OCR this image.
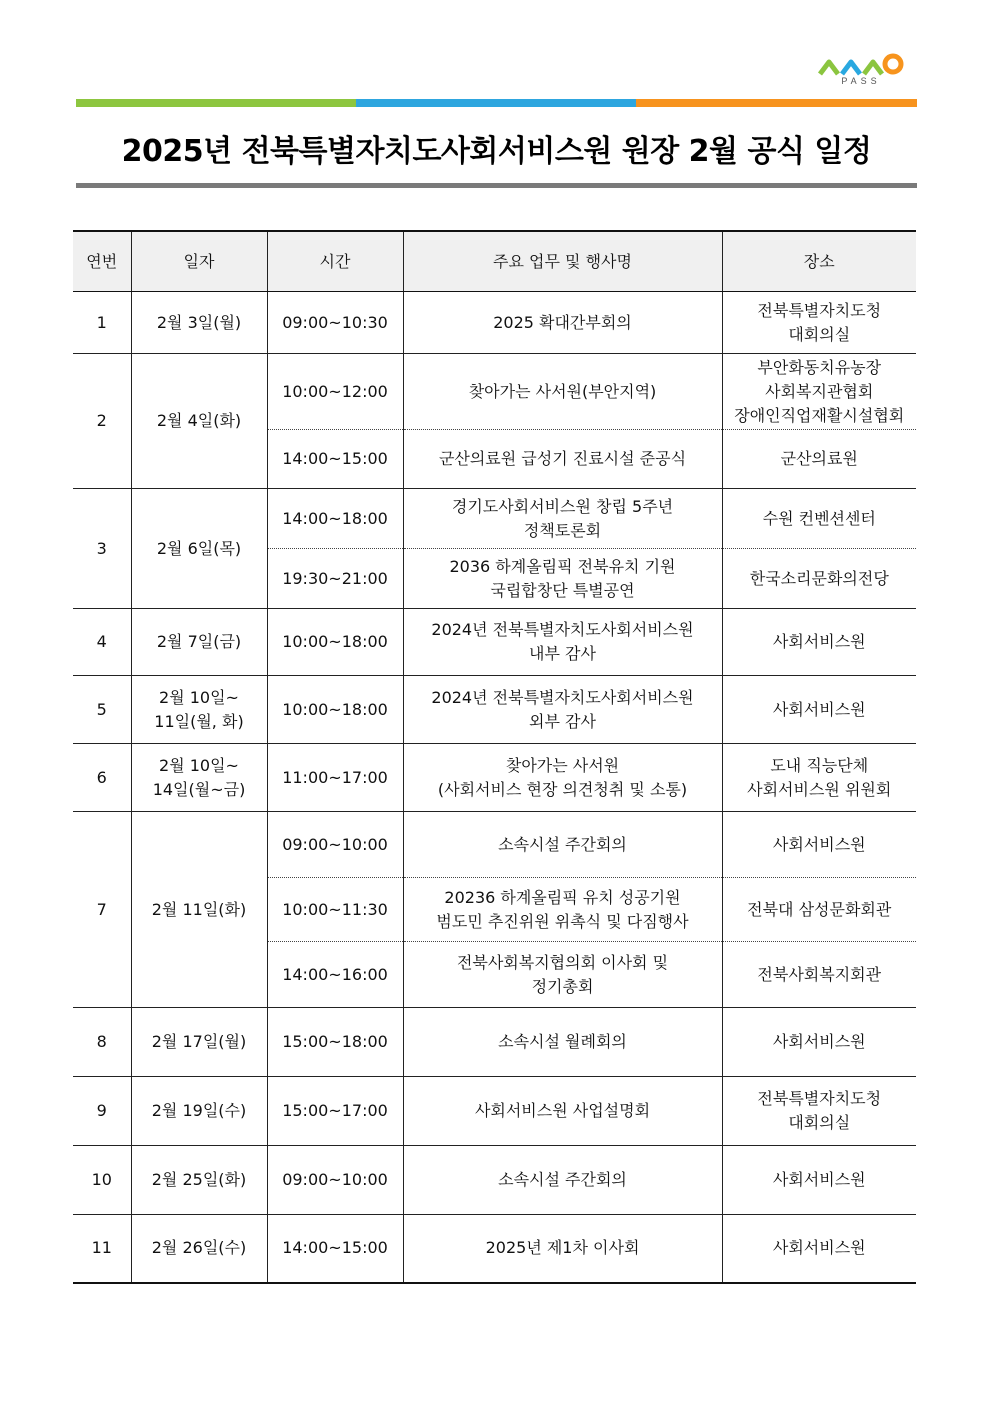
PASS
2025년 전북특별자치도사회서비스원 원장 2월 공식 일정
연번	일자	시간	주요 업무 및 행사명	장소
1	2월 3일(월)	09:00~10:30	2025 확대간부회의	전북특별자치도청
대회의실

2	2월 4일(화)	10:00~12:00	찾아가는 사서원(부안지역)	부안화동치유농장
사회복지관협회
장애인직업재활시설협회

		14:00~15:00	군산의료원 급성기 진료시설 준공식	군산의료원

3	2월 6일(목)	14:00~18:00	경기도사회서비스원 창립 5주년
정책토론회	수원 컨벤션센터

		19:30~21:00	2036 하계올림픽 전북유치 기원
국립합창단 특별공연	한국소리문화의전당

4	2월 7일(금)	10:00~18:00	2024년 전북특별자치도사회서비스원
내부 감사	사회서비스원

5	2월 10일~
11일(월, 화)	10:00~18:00	2024년 전북특별자치도사회서비스원
외부 감사	사회서비스원

6	2월 10일~
14일(월~금)	11:00~17:00	찾아가는 사서원
(사회서비스 현장 의견청취 및 소통)	도내 직능단체
사회서비스원 위원회

7	2월 11일(화)	09:00~10:00	소속시설 주간회의	사회서비스원

		10:00~11:30	20236 하계올림픽 유치 성공기원
범도민 추진위원 위촉식 및 다짐행사	전북대 삼성문화회관

		14:00~16:00	전북사회복지협의회 이사회 및
정기총회	전북사회복지회관

8	2월 17일(월)	15:00~18:00	소속시설 월례회의	사회서비스원

9	2월 19일(수)	15:00~17:00	사회서비스원 사업설명회	전북특별자치도청
대회의실

10	2월 25일(화)	09:00~10:00	소속시설 주간회의	사회서비스원

11	2월 26일(수)	14:00~15:00	2025년 제1차 이사회	사회서비스원
